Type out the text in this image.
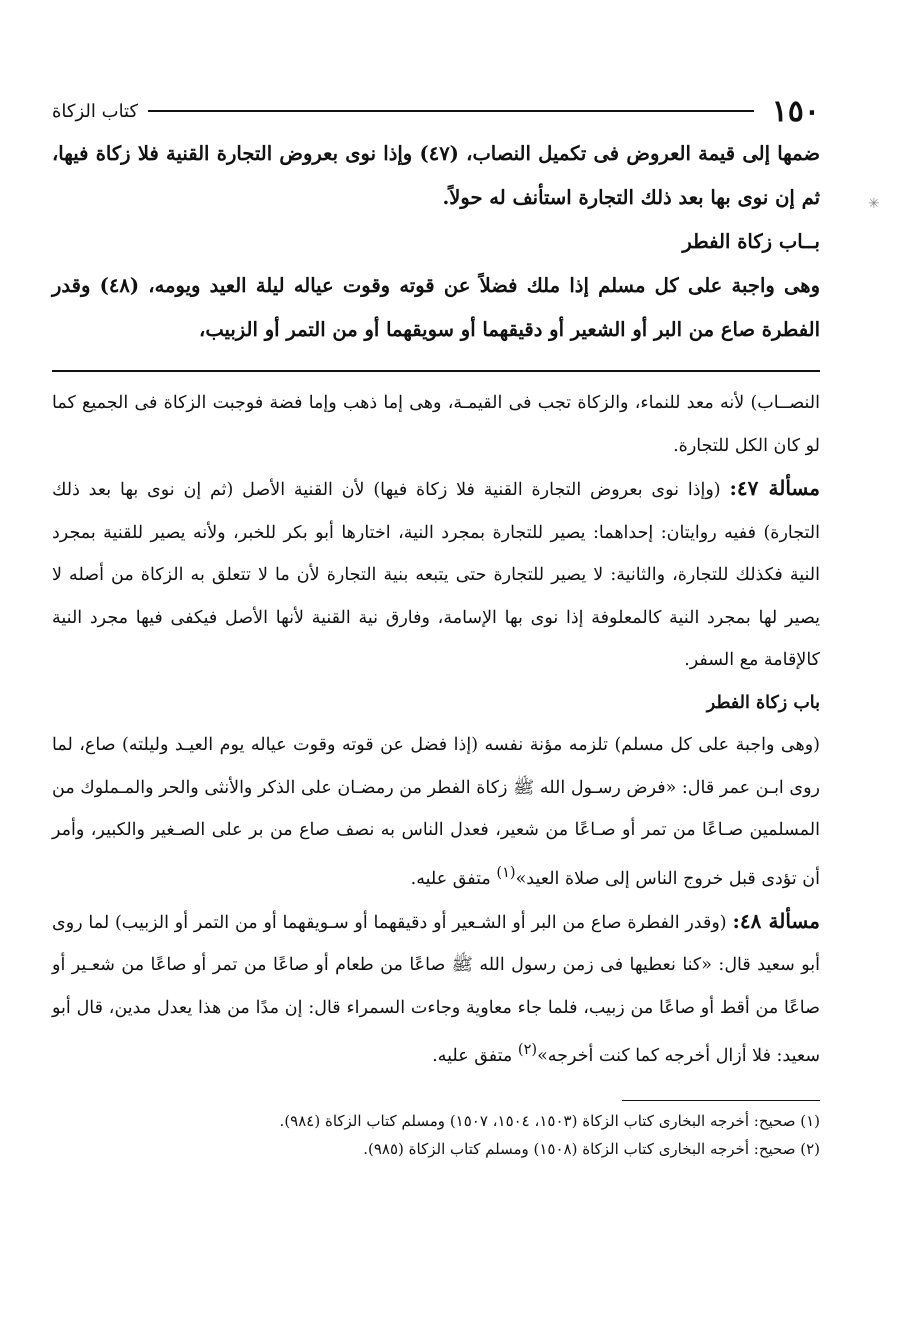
✳
١٥٠
كتاب الزكاة

ضمها إلى قيمة العروض فى تكميل النصاب، (٤٧) وإذا نوى بعروض التجارة القنية فلا زكاة فيها، ثم إن نوى بها بعد ذلك التجارة استأنف له حولاً.

بــاب زكاة الفطر

وهى واجبة على كل مسلم إذا ملك فضلاً عن قوته وقوت عياله ليلة العيد ويومه، (٤٨) وقدر الفطرة صاع من البر أو الشعير أو دقيقهما أو سويقهما أو من التمر أو الزبيب،

النصــاب) لأنه معد للنماء، والزكاة تجب فى القيمـة، وهى إما ذهب وإما فضة فوجبت الزكاة فى الجميع كما لو كان الكل للتجارة.

مسألة ٤٧: (وإذا نوى بعروض التجارة القنية فلا زكاة فيها) لأن القنية الأصل (ثم إن نوى بها بعد ذلك التجارة) ففيه روايتان: إحداهما: يصير للتجارة بمجرد النية، اختارها أبو بكر للخبر، ولأنه يصير للقنية بمجرد النية فكذلك للتجارة، والثانية: لا يصير للتجارة حتى يتبعه بنية التجارة لأن ما لا تتعلق به الزكاة من أصله لا يصير لها بمجرد النية كالمعلوفة إذا نوى بها الإسامة، وفارق نية القنية لأنها الأصل فيكفى فيها مجرد النية كالإقامة مع السفر.

باب زكاة الفطر

(وهى واجبة على كل مسلم) تلزمه مؤنة نفسه (إذا فضل عن قوته وقوت عياله يوم العيـد وليلته) صاع، لما روى ابـن عمر قال: «فرض رسـول الله ﷺ زكاة الفطر من رمضـان على الذكر والأنثى والحر والمـملوك من المسلمين صـاعًا من تمر أو صـاعًا من شعير، فعدل الناس به نصف صاع من بر على الصـغير والكبير، وأمر أن تؤدى قبل خروج الناس إلى صلاة العيد»$^{(١)}$ متفق عليه.

مسألة ٤٨: (وقدر الفطرة صاع من البر أو الشـعير أو دقيقهما أو سـويقهما أو من التمر أو الزبيب) لما روى أبو سعيد قال: «كنا نعطيها فى زمن رسول الله ﷺ صاعًا من طعام أو صاعًا من تمر أو صاعًا من شعـير أو صاعًا من أقط أو صاعًا من زبيب، فلما جاء معاوية وجاءت السمراء قال: إن مدًا من هذا يعدل مدين، قال أبو سعيد: فلا أزال أخرجه كما كنت أخرجه»$^{(٢)}$ متفق عليه.

(١) صحيح: أخرجه البخارى كتاب الزكاة (١٥٠٣، ١٥٠٤، ١٥٠٧) ومسلم كتاب الزكاة (٩٨٤).

(٢) صحيح: أخرجه البخارى كتاب الزكاة (١٥٠٨) ومسلم كتاب الزكاة (٩٨٥).
